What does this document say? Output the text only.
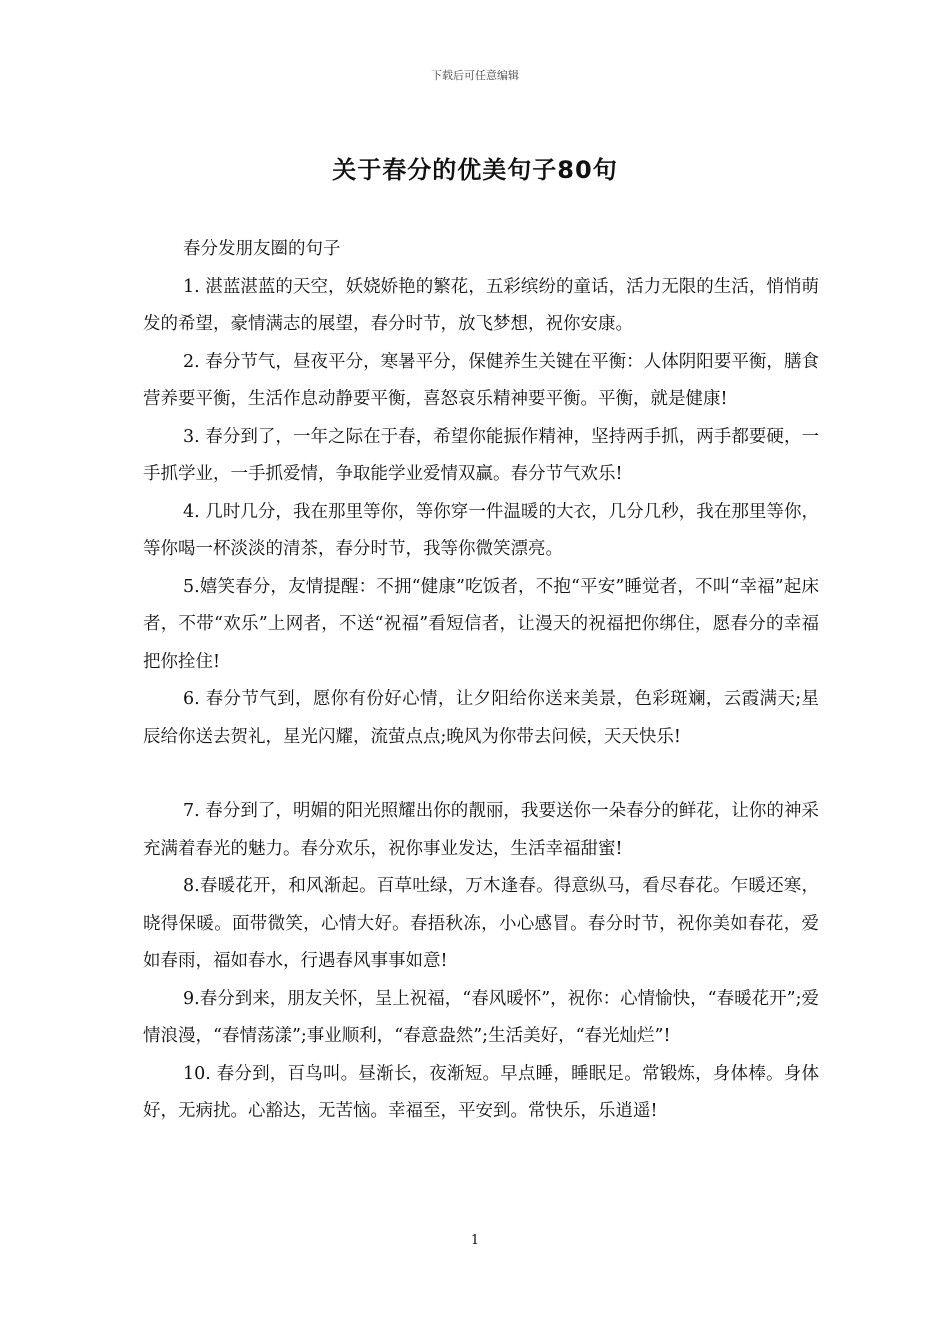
下载后可任意编辑
关于春分的优美句子80句

春分发朋友圈的句子

1. 湛蓝湛蓝的天空，妖娆娇艳的繁花，五彩缤纷的童话，活力无限的生活，悄悄萌发的希望，豪情满志的展望，春分时节，放飞梦想，祝你安康。

2. 春分节气，昼夜平分，寒暑平分，保健养生关键在平衡：人体阴阳要平衡，膳食营养要平衡，生活作息动静要平衡，喜怒哀乐精神要平衡。平衡，就是健康!

3. 春分到了，一年之际在于春，希望你能振作精神，坚持两手抓，两手都要硬，一手抓学业，一手抓爱情，争取能学业爱情双赢。春分节气欢乐!

4. 几时几分，我在那里等你，等你穿一件温暖的大衣，几分几秒，我在那里等你，等你喝一杯淡淡的清茶，春分时节，我等你微笑漂亮。

5.嬉笑春分，友情提醒：不拥“健康”吃饭者，不抱“平安”睡觉者，不叫“幸福”起床者，不带“欢乐”上网者，不送“祝福”看短信者，让漫天的祝福把你绑住，愿春分的幸福把你拴住!

6. 春分节气到，愿你有份好心情，让夕阳给你送来美景，色彩斑斓，云霞满天;星辰给你送去贺礼，星光闪耀，流萤点点;晚风为你带去问候，天天快乐!

7. 春分到了，明媚的阳光照耀出你的靓丽，我要送你一朵春分的鲜花，让你的神采充满着春光的魅力。春分欢乐，祝你事业发达，生活幸福甜蜜!

8.春暖花开，和风渐起。百草吐绿，万木逢春。得意纵马，看尽春花。乍暖还寒，晓得保暖。面带微笑，心情大好。春捂秋冻，小心感冒。春分时节，祝你美如春花，爱如春雨，福如春水，行遇春风事事如意!

9.春分到来，朋友关怀，呈上祝福，“春风暖怀”，祝你：心情愉快，“春暖花开”;爱情浪漫，“春情荡漾”;事业顺利，“春意盎然”;生活美好，“春光灿烂”!

10. 春分到，百鸟叫。昼渐长，夜渐短。早点睡，睡眠足。常锻炼，身体棒。身体好，无病扰。心豁达，无苦恼。幸福至，平安到。常快乐，乐逍遥!

1
